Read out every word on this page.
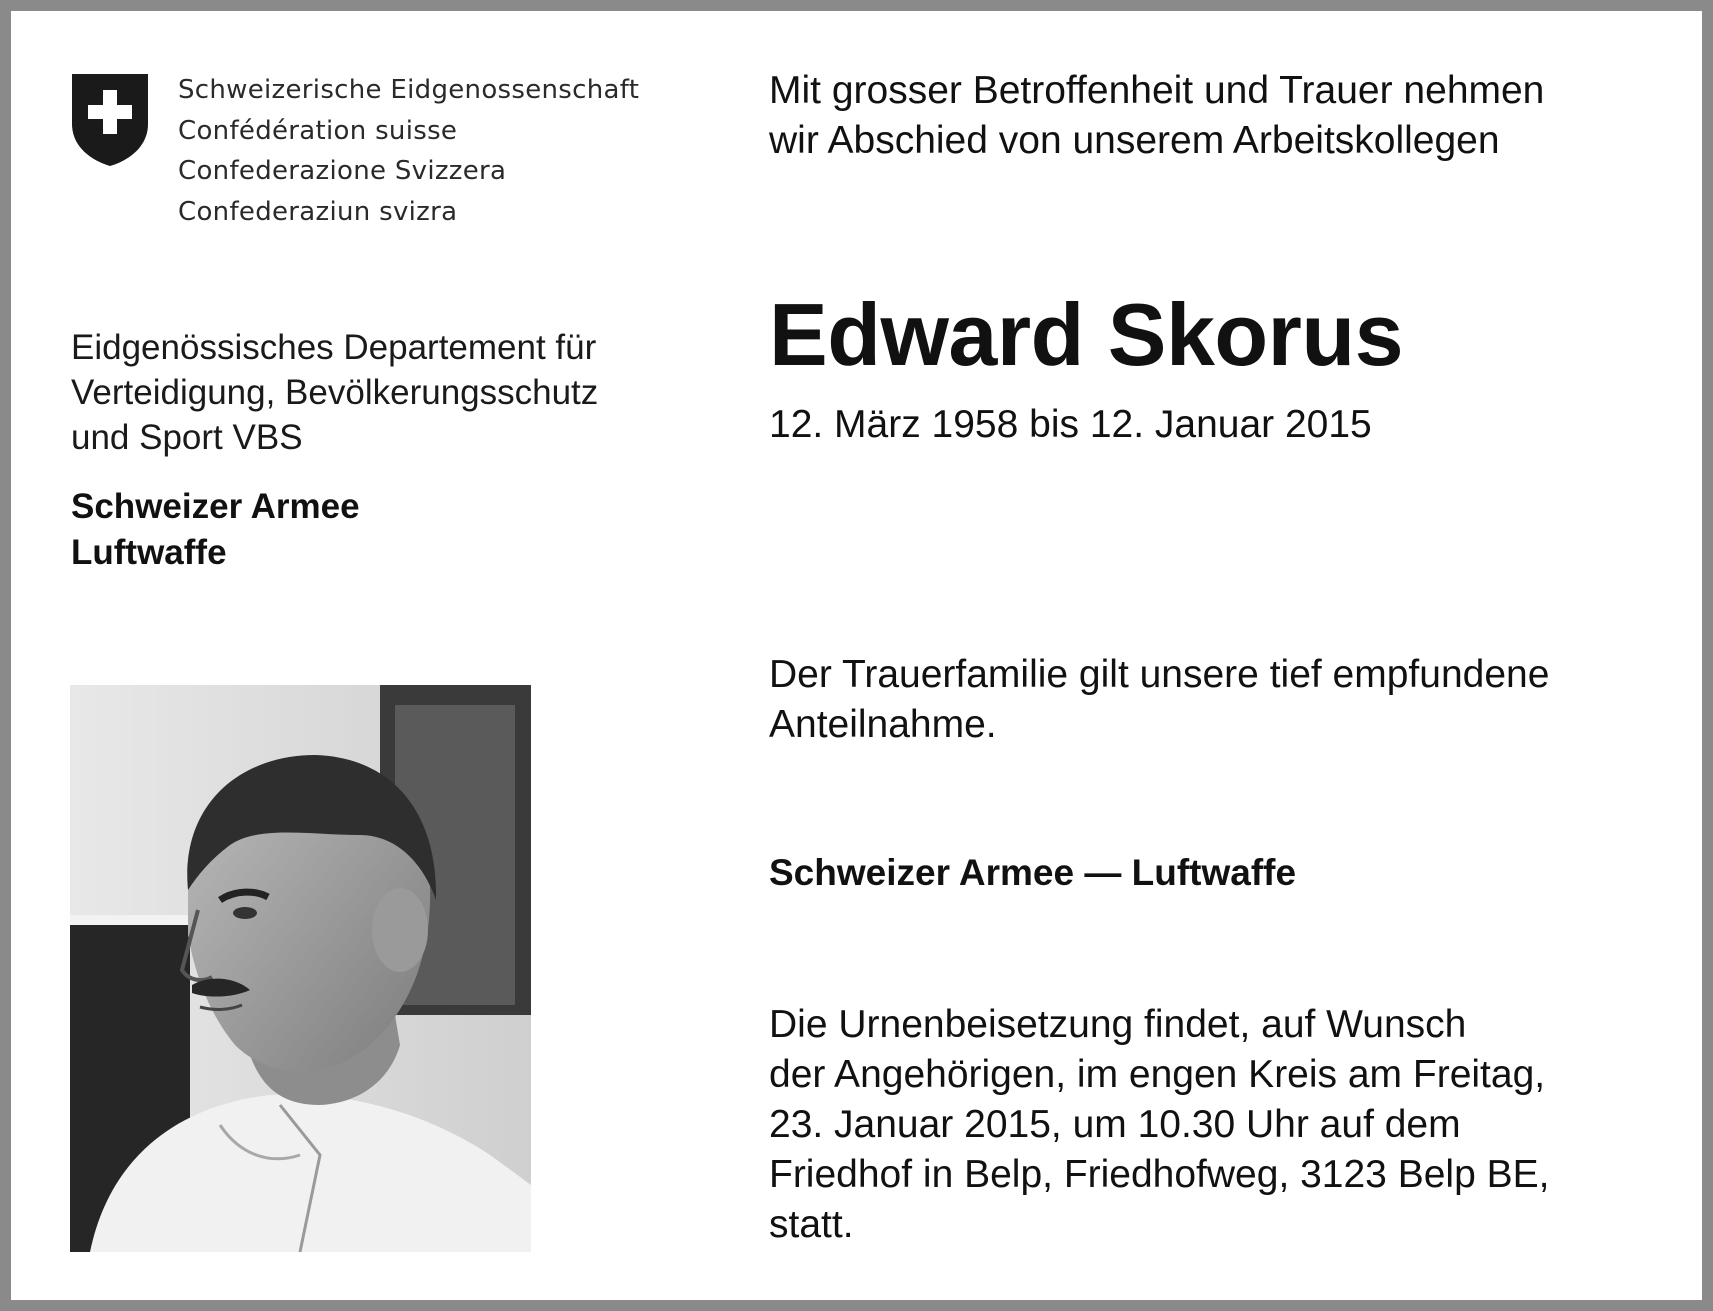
Schweizerische Eidgenossenschaft
Confédération suisse
Confederazione Svizzera
Confederaziun svizra
Eidgenössisches Departement für
Verteidigung, Bevölkerungsschutz
und Sport VBS
Schweizer Armee
Luftwaffe
Mit grosser Betroffenheit und Trauer nehmen
wir Abschied von unserem Arbeitskollegen
Edward Skorus
12. März 1958 bis 12. Januar 2015
Der Trauerfamilie gilt unsere tief empfundene
Anteilnahme.
Schweizer Armee — Luftwaffe
Die Urnenbeisetzung findet, auf Wunsch
der Angehörigen, im engen Kreis am Freitag,
23. Januar 2015, um 10.30 Uhr auf dem
Friedhof in Belp, Friedhofweg, 3123 Belp BE,
statt.
